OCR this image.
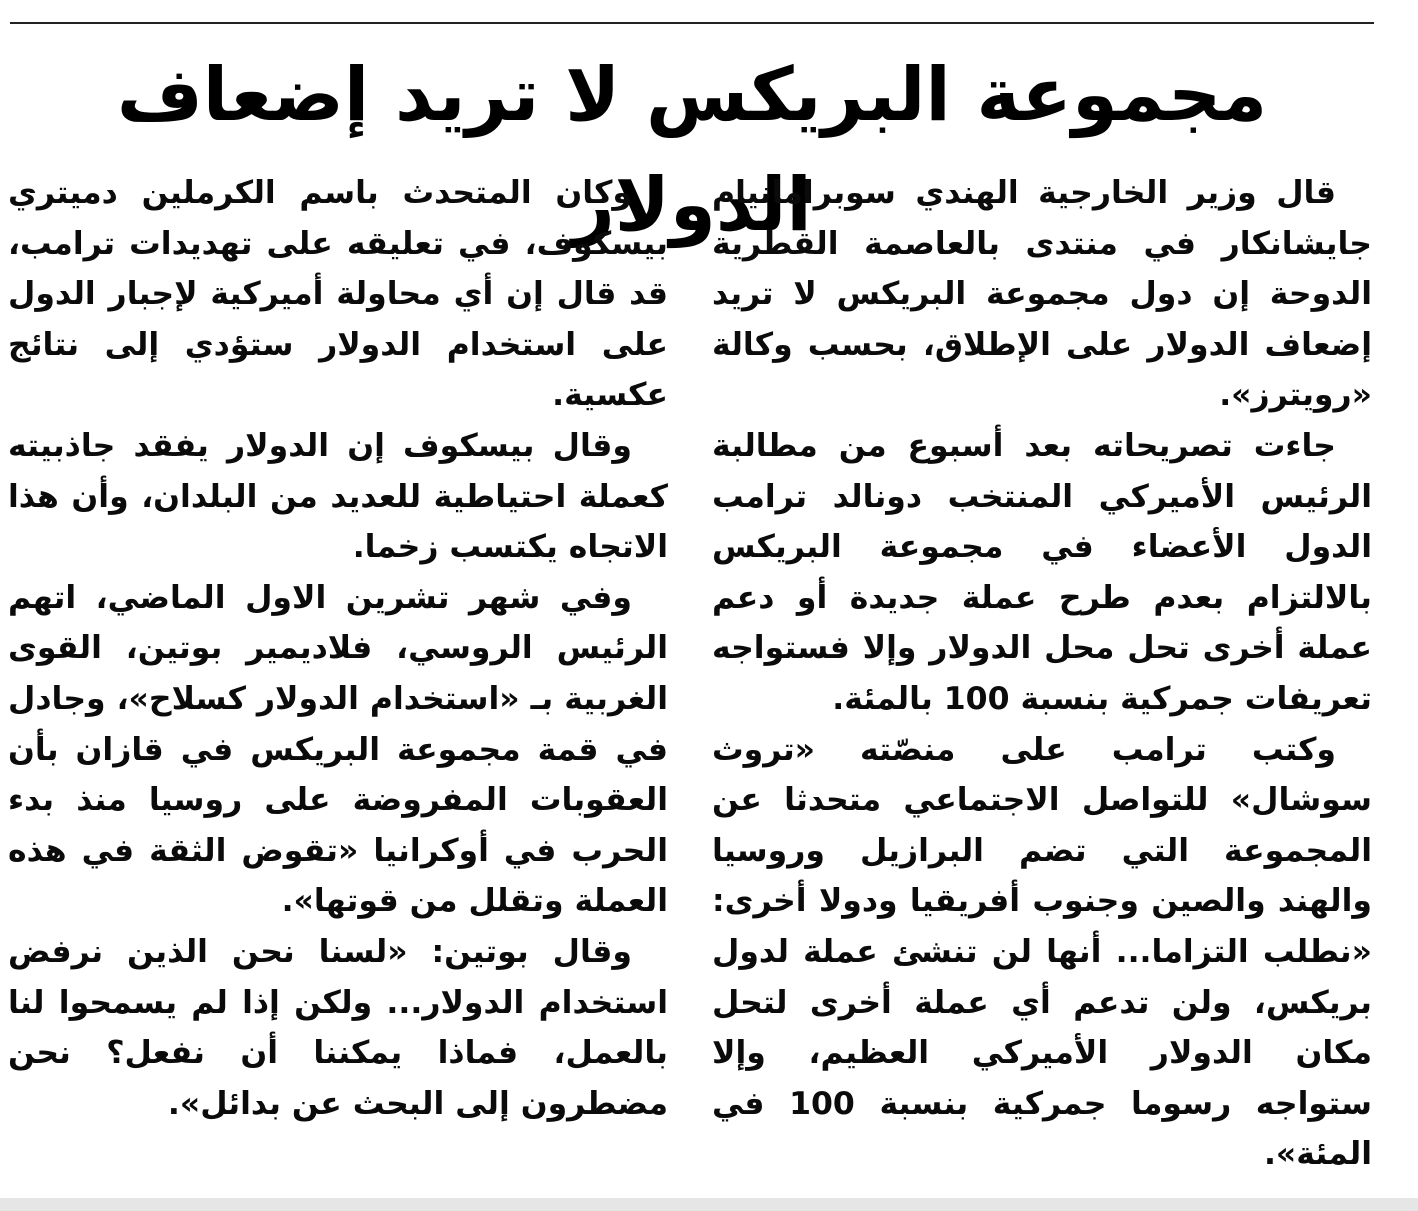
مجموعة البريكس لا تريد إضعاف الدولار

قال وزير الخارجية الهندي سوبرامانيام جايشانكار في منتدى بالعاصمة القطرية الدوحة إن دول مجموعة البريكس لا تريد إضعاف الدولار على الإطلاق، بحسب وكالة «رويترز».

جاءت تصريحاته بعد أسبوع من مطالبة الرئيس الأميركي المنتخب دونالد ترامب الدول الأعضاء في مجموعة البريكس بالالتزام بعدم طرح عملة جديدة أو دعم عملة أخرى تحل محل الدولار وإلا فستواجه تعريفات جمركية بنسبة 100 بالمئة.

وكتب ترامب على منصّته «تروث سوشال» للتواصل الاجتماعي متحدثا عن المجموعة التي تضم البرازيل وروسيا والهند والصين وجنوب أفريقيا ودولا أخرى: «نطلب التزاما... أنها لن تنشئ عملة لدول بريكس، ولن تدعم أي عملة أخرى لتحل مكان الدولار الأميركي العظيم، وإلا ستواجه رسوما جمركية بنسبة 100 في المئة».

وكان المتحدث باسم الكرملين دميتري بيسكوف، في تعليقه على تهديدات ترامب، قد قال إن أي محاولة أميركية لإجبار الدول على استخدام الدولار ستؤدي إلى نتائج عكسية.

وقال بيسكوف إن الدولار يفقد جاذبيته كعملة احتياطية للعديد من البلدان، وأن هذا الاتجاه يكتسب زخما.

وفي شهر تشرين الاول الماضي، اتهم الرئيس الروسي، فلاديمير بوتين، القوى الغربية بـ «استخدام الدولار كسلاح»، وجادل في قمة مجموعة البريكس في قازان بأن العقوبات المفروضة على روسيا منذ بدء الحرب في أوكرانيا «تقوض الثقة في هذه العملة وتقلل من قوتها».

وقال بوتين: «لسنا نحن الذين نرفض استخدام الدولار... ولكن إذا لم يسمحوا لنا بالعمل، فماذا يمكننا أن نفعل؟ نحن مضطرون إلى البحث عن بدائل».
